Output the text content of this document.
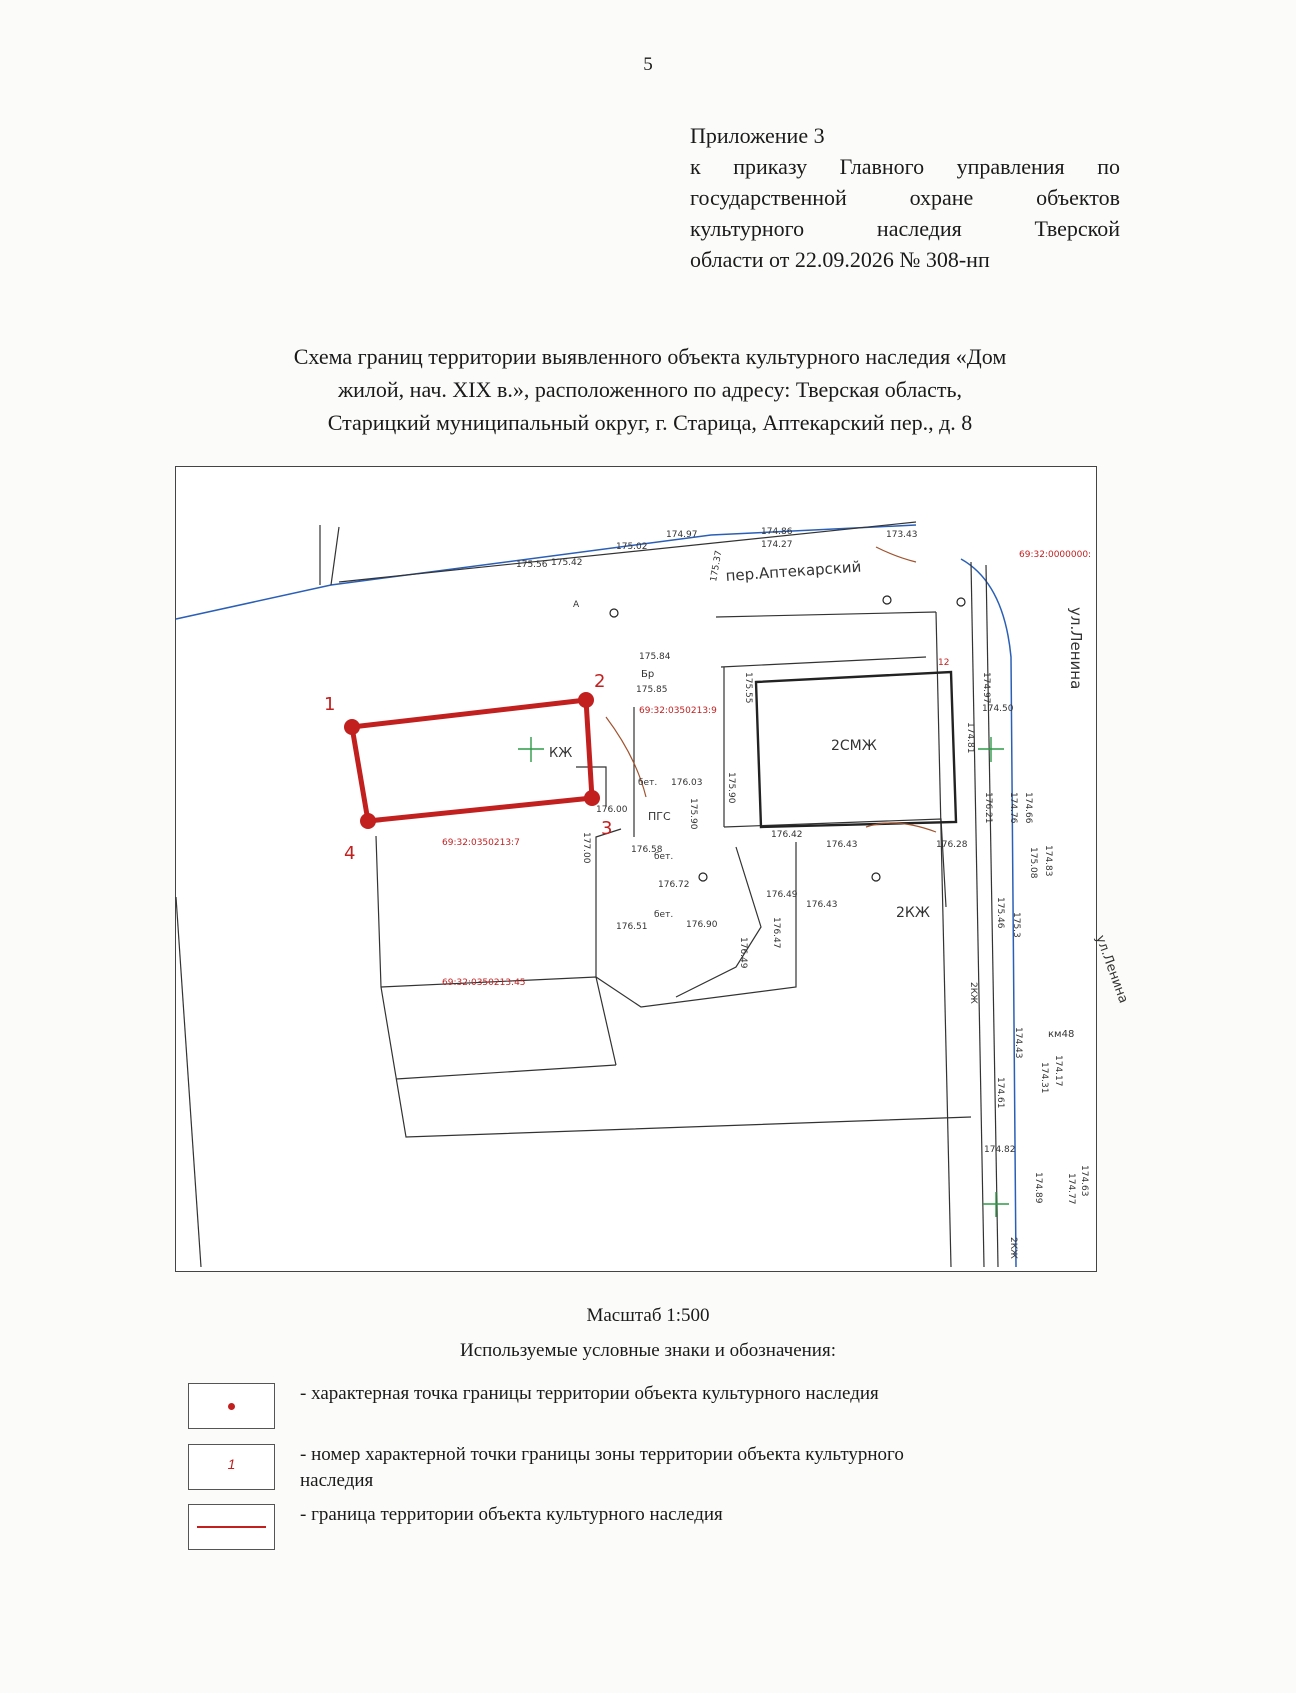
5
Приложение 3
к приказу Главного управления по
государственной охране объектов
культурного наследия Тверской
области от 22.09.2026 № 308-нп
Схема границ территории выявленного объекта культурного наследия «Дом
жилой, нач. XIX в.», расположенного по адресу: Тверская область,
Старицкий муниципальный округ, г. Старица, Аптекарский пер., д. 8
1
2
3
4
69:32:0350213:9
69:32:0350213:7
69:32:0350213:45
69:32:0000000:
12
пер.Аптекарский
ул.Ленина
ул.Ленина
КЖ	2СМЖ
2КЖ
2КЖ
2КЖ
ПГС
Бр
бет.
бет.
бет.
А
км48
174.97
175.02
174.86
174.27
173.43
175.56 175.42
175.84
175.85
176.03
176.00
176.58
176.72
176.90
176.51
176.49
176.43
176.42
176.43	176.28
174.50
174.82
175.90
175.55
177.00
175.90
175.37
176.47
176.49
174.97
174.81
174.66
174.83
175.08
175.46
176.21 174.76
174.43
174.61
174.17
174.31
174.89	174.63
174.77
175.3
Масштаб 1:500
Используемые условные знаки и обозначения:
- характерная точка границы территории объекта культурного наследия
1	- номер характерной точки границы зоны территории объекта культурного наследия
- граница территории объекта культурного наследия
